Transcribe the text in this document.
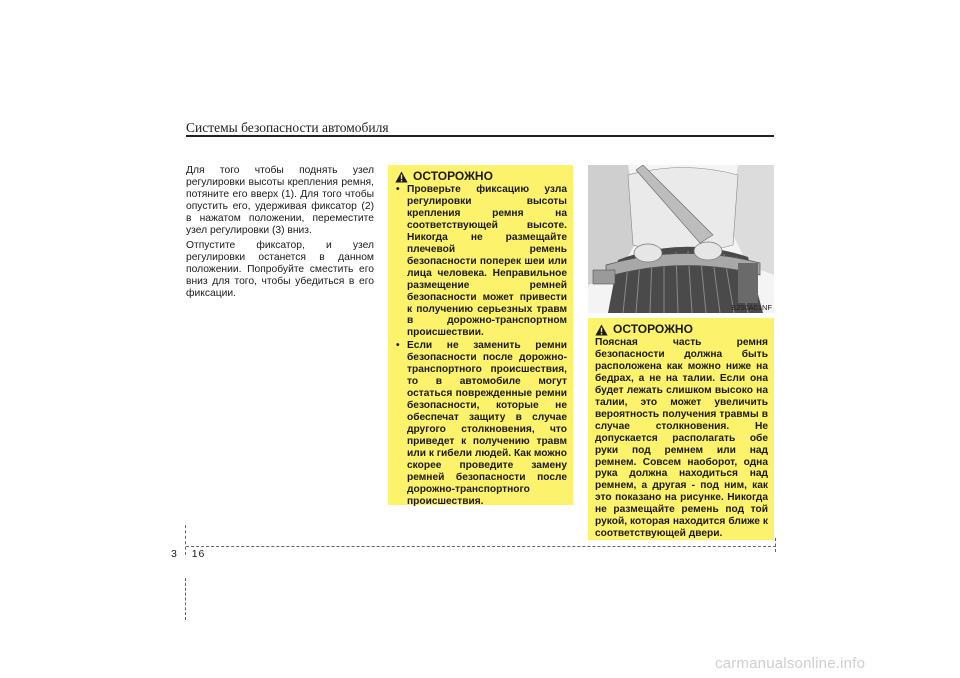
Системы безопасности автомобиля

Для того чтобы поднять узел регулировки высоты крепления ремня, потяните его вверх (1). Для того чтобы опустить его, удерживая фиксатор (2) в нажатом положении, переместите узел регулировки (3) вниз.

Отпустите фиксатор, и узел регулировки останется в данном положении. Попробуйте сместить его вниз для того, чтобы убедиться в его фиксации.

ОСТОРОЖНО
• Проверьте фиксацию узла регулировки высоты крепления ремня на соответствующей высоте. Никогда не размещайте плечевой ремень безопасности поперек шеи или лица человека. Неправильное размещение ремней безопасности может привести к получению серьезных травм в дорожно-транспортном происшествии.
• Если не заменить ремни безопасности после дорожно-транспортного происшествия, то в автомобиле могут остаться поврежденные ремни безопасности, которые не обеспечат защиту в случае другого столкновения, что приведет к получению травм или к гибели людей. Как можно скорее проведите замену ремней безопасности после дорожно-транспортного происшествия.
B200A01NF
ОСТОРОЖНО
Поясная часть ремня безопасности должна быть расположена как можно ниже на бедрах, а не на талии. Если она будет лежать слишком высоко на талии, это может увеличить вероятность получения травмы в случае столкновения. Не допускается располагать обе руки под ремнем или над ремнем. Совсем наоборот, одна рука должна находиться над ремнем, а другая - под ним, как это показано на рисунке. Никогда не размещайте ремень под той рукой, которая находится ближе к соответствующей двери.
3 16
carmanualsonline.info
